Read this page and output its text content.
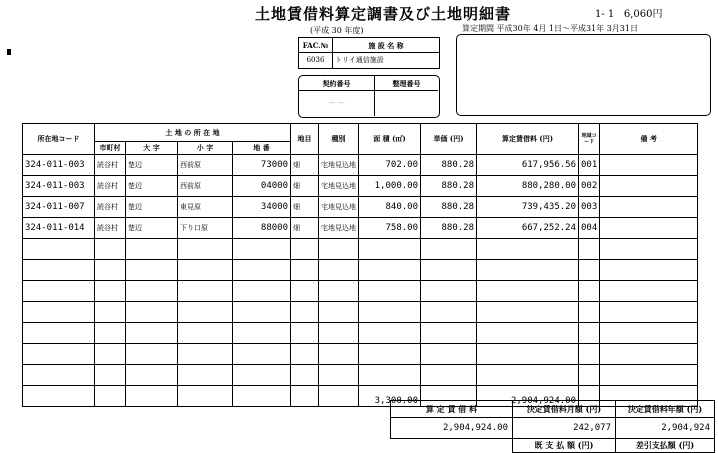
土地賃借料算定調書及び土地明細書	1- 1 6,060円
(平成 30 年度)	算定期間 平成30年 4月 1日〜平成31年 3月31日
FAC.№	施 設 名 称
6036	トリイ通信施設
契約番号	整理番号
--- ---
所在地コード	土 地 の 所 在 地				地目	種別	面 積 (㎡)	単価 (円)	算定賃借料 (円)	地域コード	備 考
	市町村	大 字	小 字	地 番							
324-011-003	読谷村	楚辺	西前原	73000	畑	宅地見込地	702.00	880.28	617,956.56	001	
324-011-003	読谷村	楚辺	西前原	04000	畑	宅地見込地	1,000.00	880.28	880,280.00	002	
324-011-007	読谷村	楚辺	東見原	34000	畑	宅地見込地	840.00	880.28	739,435.20	003	
324-011-014	読谷村	楚辺	下り口原	88000	畑	宅地見込地	758.00	880.28	667,252.24	004	

							3,300.00		2,904,924.00		
算 定 賃 借 料	決定賃借料月額 (円)	決定賃借料年額 (円)
2,904,924.00	242,077	2,904,924
	既 支 払 額 (円)	差引支払額 (円)
